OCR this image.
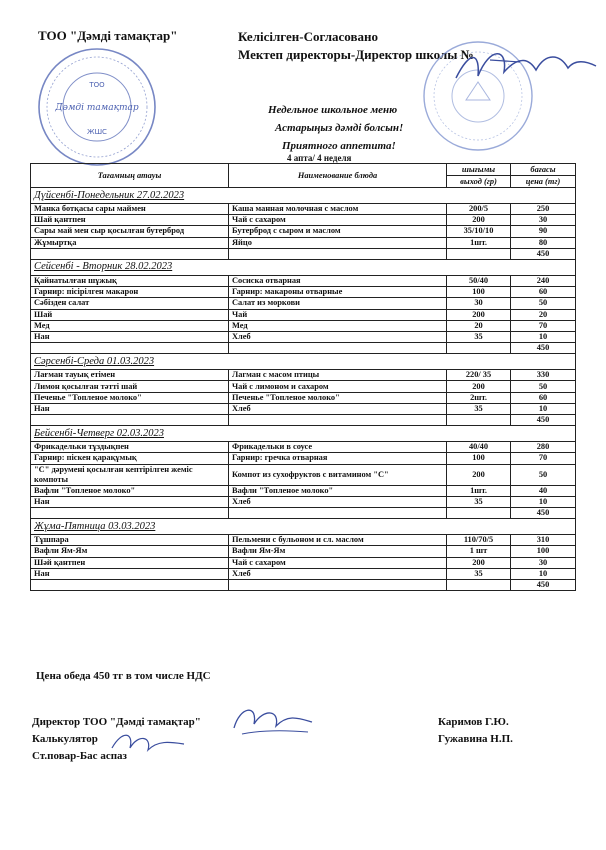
ТОО "Дәмді тамақтар"	Келісілген-Согласовано
Мектеп директоры-Директор школы №
ТОО
Дәмді тамақтар
ЖШС
Недельное школьное меню
Астарыңыз дәмді болсын!
Приятного аппетита!
4 апта/ 4 неделя
Тағамның атауы	Наименование блюда	шығымы	бағасы
		выход (гр)	цена (тг)
Дүйсенбі-Понедельник 27.02.2023			
Манка ботқасы сары маймен	Каша манная молочная с маслом	200/5	250
Шай қантпен	Чай с сахаром	200	30
Сары май мен сыр қосылған бутерброд	Бутерброд с сыром и маслом	35/10/10	90
Жұмыртқа	Яйцо	1шт.	80
			450
Сейсенбі - Вторник 28.02.2023			
Қайнатылған шұжық	Сосиска отварная	50/40	240
Гарнир: пісірілген макарон	Гарнир: макароны отварные	100	60
Сәбізден салат	Салат из моркови	30	50
Шай	Чай	200	20
Мед	Мед	20	70
Нан	Хлеб	35	10
			450
Сәрсенбі-Среда 01.03.2023			
Лағман тауық етімен	Лагман с масом птицы	220/ 35	330
Лимон қосылған тәтті шай	Чай с лимоном и сахаром	200	50
Печенье "Топленое молоко"	Печенье "Топленое молоко"	2шт.	60
Нан	Хлеб	35	10
			450
Бейсенбі-Четверг 02.03.2023			
Фрикадельки тұздықпен	Фрикадельки в соусе	40/40	280
Гарнир: піскен қарақұмық	Гарнир: гречка отварная	100	70
"С" дәрумені қосылған кептірілген жеміс компоты	Компот из сухофруктов с витамином "С"	200	50
Вафли "Топленое молоко"	Вафли "Топленое молоко"	1шт.	40
Нан	Хлеб	35	10
			450
Жұма-Пятница 03.03.2023			
Тұшпара	Пельмени с бульоном и сл. маслом	110/70/5	310
Вафли Ям-Ям	Вафли Ям-Ям	1 шт	100
Шәй қантпен	Чай с сахаром	200	30
Нан	Хлеб	35	10
			450
Цена обеда 450 тг в том числе НДС
Директор ТОО "Дәмді тамақтар"
Калькулятор
Ст.повар-Бас аспаз
Каримов Г.Ю.
Гужавина Н.П.
